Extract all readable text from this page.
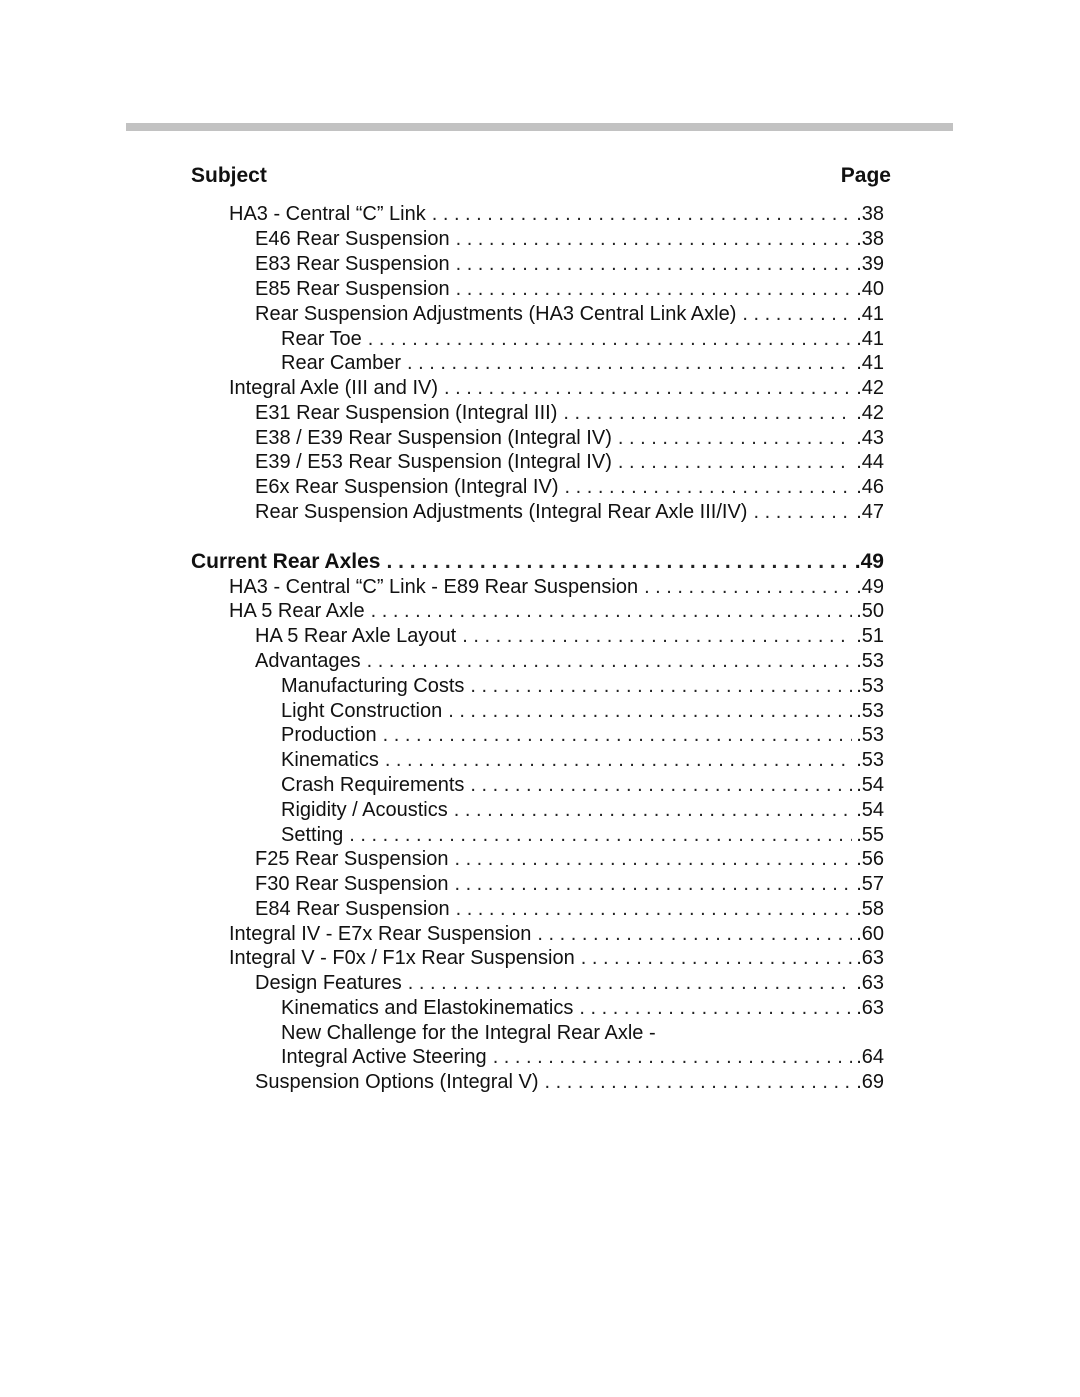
Subject	Page
HA3 - Central “C” Link . . .	.38
E46 Rear Suspension . . .	.38
E83 Rear Suspension . . .	.39
E85 Rear Suspension . . .	.40
Rear Suspension Adjustments (HA3 Central Link Axle) . . .	.41
Rear Toe . . .	.41
Rear Camber . . .	.41
Integral Axle (III and IV) . . .	.42
E31 Rear Suspension (Integral III) . . .	.42
E38 / E39 Rear Suspension (Integral IV) . . .	.43
E39 / E53 Rear Suspension (Integral IV) . . .	.44
E6x Rear Suspension (Integral IV) . . .	.46
Rear Suspension Adjustments (Integral Rear Axle III/IV) . . .	.47
Current Rear Axles . . .	.49
HA3 - Central “C” Link - E89 Rear Suspension . . .	.49
HA 5 Rear Axle . . .	.50
HA 5 Rear Axle Layout . . .	.51
Advantages . . .	.53
Manufacturing Costs . . .	.53
Light Construction . . .	.53
Production . . .	.53
Kinematics . . .	.53
Crash Requirements . . .	.54
Rigidity / Acoustics . . .	.54
Setting . . .	.55
F25 Rear Suspension . . .	.56
F30 Rear Suspension . . .	.57
E84 Rear Suspension . . .	.58
Integral IV - E7x Rear Suspension . . .	.60
Integral V - F0x / F1x Rear Suspension . . .	.63
Design Features . . .	.63
Kinematics and Elastokinematics . . .	.63
New Challenge for the Integral Rear Axle -
Integral Active Steering . . .	.64
Suspension Options (Integral V) . . .	.69
